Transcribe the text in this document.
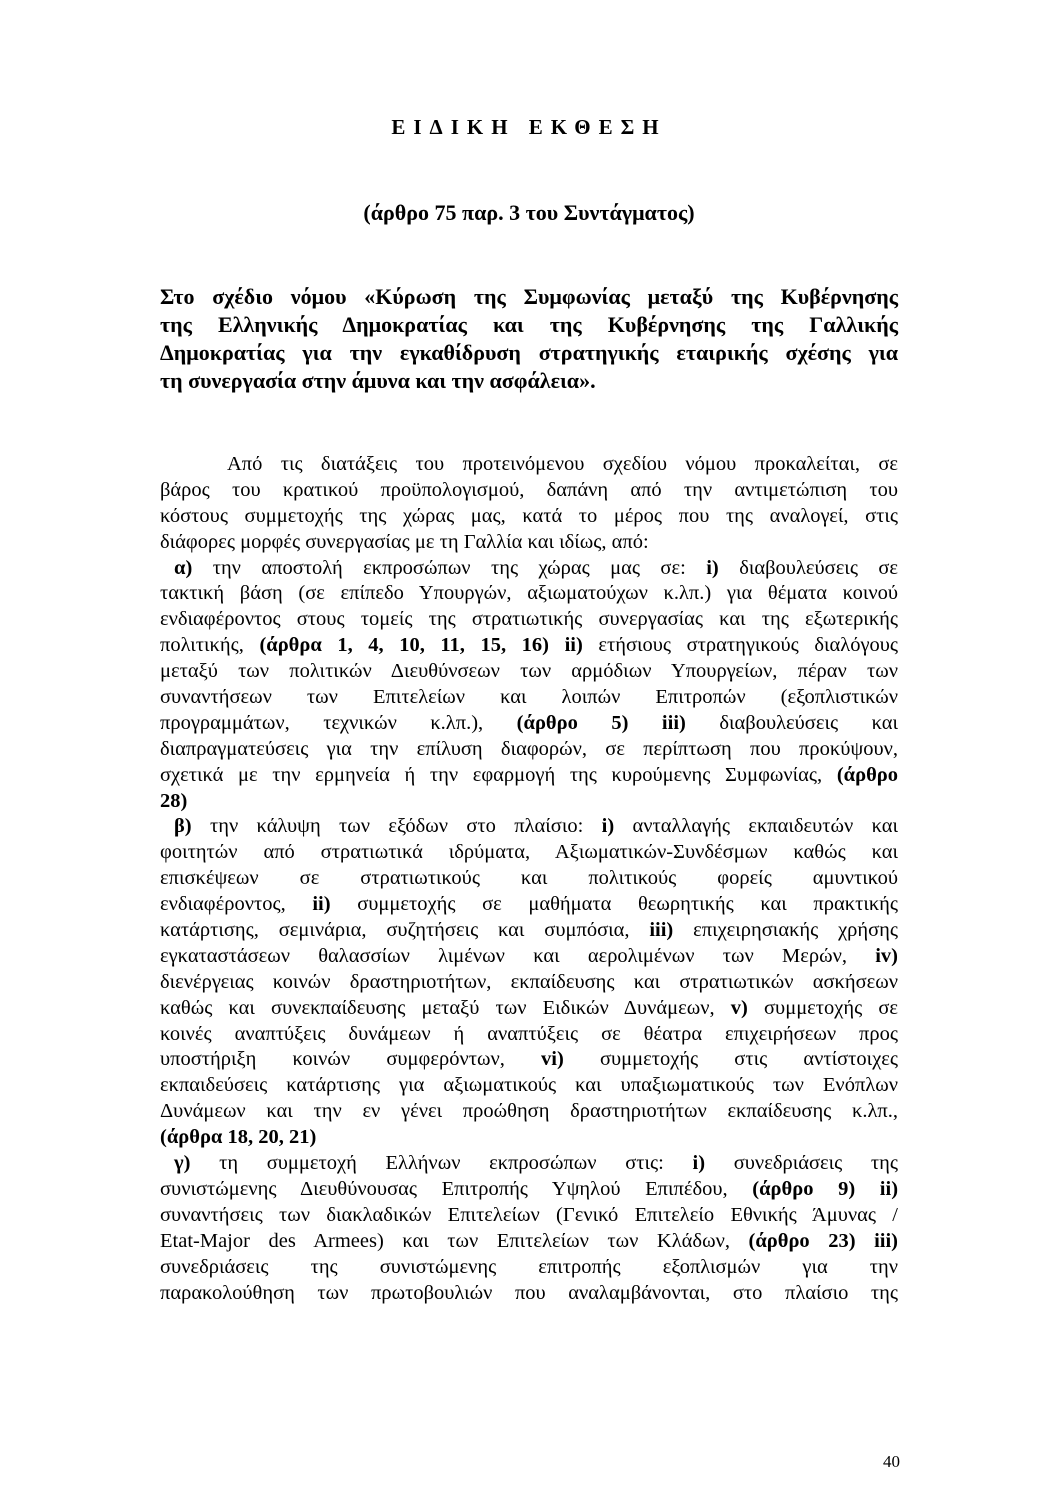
ΕΙΔΙΚΗ ΕΚΘΕΣΗ
(άρθρο 75 παρ. 3 του Συντάγματος)
Στο σχέδιο νόμου «Κύρωση της Συμφωνίας μεταξύ της Κυβέρνησης
της Ελληνικής Δημοκρατίας και της Κυβέρνησης της Γαλλικής
Δημοκρατίας για την εγκαθίδρυση στρατηγικής εταιρικής σχέσης για
τη συνεργασία στην άμυνα και την ασφάλεια».
Από τις διατάξεις του προτεινόμενου σχεδίου νόμου προκαλείται, σε
βάρος του κρατικού προϋπολογισμού, δαπάνη από την αντιμετώπιση του
κόστους συμμετοχής της χώρας μας, κατά το μέρος που της αναλογεί, στις
διάφορες μορφές συνεργασίας με τη Γαλλία και ιδίως, από:
α) την αποστολή εκπροσώπων της χώρας μας σε: i) διαβουλεύσεις σε
τακτική βάση (σε επίπεδο Υπουργών, αξιωματούχων κ.λπ.) για θέματα κοινού
ενδιαφέροντος στους τομείς της στρατιωτικής συνεργασίας και της εξωτερικής
πολιτικής, (άρθρα 1, 4, 10, 11, 15, 16) ii) ετήσιους στρατηγικούς διαλόγους
μεταξύ των πολιτικών Διευθύνσεων των αρμόδιων Υπουργείων, πέραν των
συναντήσεων των Επιτελείων και λοιπών Επιτροπών (εξοπλιστικών
προγραμμάτων, τεχνικών κ.λπ.), (άρθρο 5) iii) διαβουλεύσεις και
διαπραγματεύσεις για την επίλυση διαφορών, σε περίπτωση που προκύψουν,
σχετικά με την ερμηνεία ή την εφαρμογή της κυρούμενης Συμφωνίας, (άρθρο
28)
β) την κάλυψη των εξόδων στο πλαίσιο: i) ανταλλαγής εκπαιδευτών και
φοιτητών από στρατιωτικά ιδρύματα, Αξιωματικών-Συνδέσμων καθώς και
επισκέψεων σε στρατιωτικούς και πολιτικούς φορείς αμυντικού
ενδιαφέροντος, ii) συμμετοχής σε μαθήματα θεωρητικής και πρακτικής
κατάρτισης, σεμινάρια, συζητήσεις και συμπόσια, iii) επιχειρησιακής χρήσης
εγκαταστάσεων θαλασσίων λιμένων και αερολιμένων των Μερών, iv)
διενέργειας κοινών δραστηριοτήτων, εκπαίδευσης και στρατιωτικών ασκήσεων
καθώς και συνεκπαίδευσης μεταξύ των Ειδικών Δυνάμεων, v) συμμετοχής σε
κοινές αναπτύξεις δυνάμεων ή αναπτύξεις σε θέατρα επιχειρήσεων προς
υποστήριξη κοινών συμφερόντων, vi) συμμετοχής στις αντίστοιχες
εκπαιδεύσεις κατάρτισης για αξιωματικούς και υπαξιωματικούς των Ενόπλων
Δυνάμεων και την εν γένει προώθηση δραστηριοτήτων εκπαίδευσης κ.λπ.,
(άρθρα 18, 20, 21)
γ) τη συμμετοχή Ελλήνων εκπροσώπων στις: i) συνεδριάσεις της
συνιστώμενης Διευθύνουσας Επιτροπής Υψηλού Επιπέδου, (άρθρο 9) ii)
συναντήσεις των διακλαδικών Επιτελείων (Γενικό Επιτελείο Εθνικής Άμυνας /
Etat-Major des Armees) και των Επιτελείων των Κλάδων, (άρθρο 23) iii)
συνεδριάσεις της συνιστώμενης επιτροπής εξοπλισμών για την
παρακολούθηση των πρωτοβουλιών που αναλαμβάνονται, στο πλαίσιο της
40
